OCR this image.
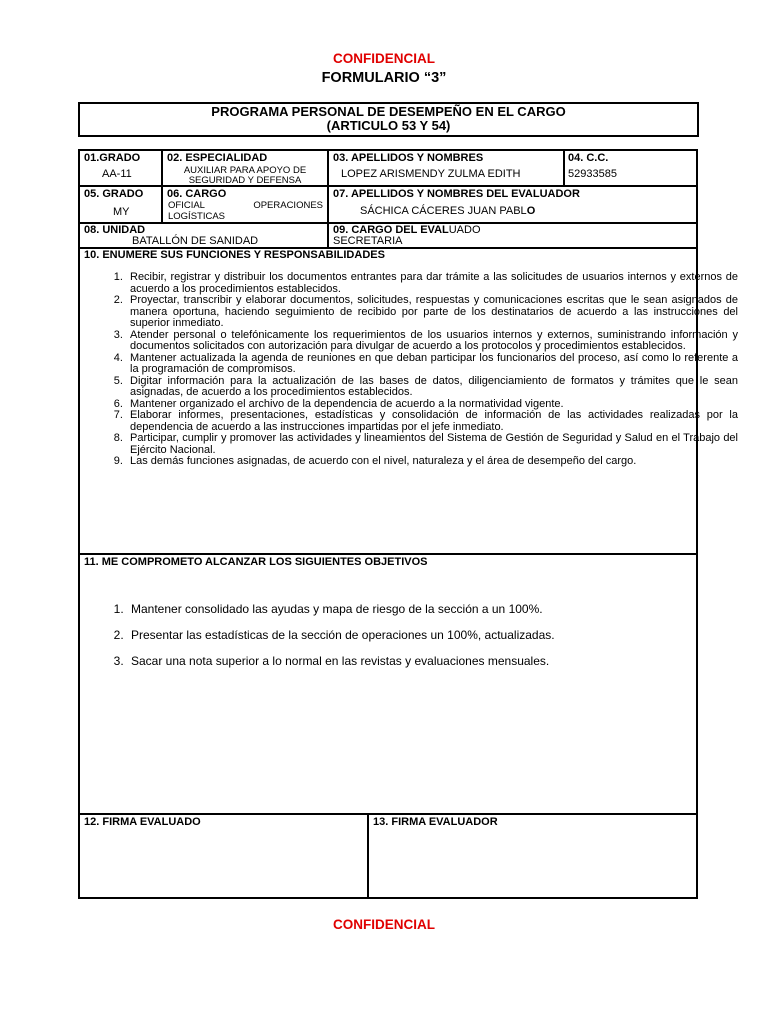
CONFIDENCIAL
FORMULARIO “3”
PROGRAMA PERSONAL DE DESEMPEÑO EN EL CARGO
(ARTICULO 53 Y 54)
01.GRADO
AA-11
02. ESPECIALIDAD
AUXILIAR PARA APOYO DE
SEGURIDAD Y DEFENSA
03. APELLIDOS Y NOMBRES
LOPEZ ARISMENDY ZULMA EDITH
04. C.C.
52933585
05. GRADO
MY
06. CARGO
OFICIAL	OPERACIONES
LOGÍSTICAS
07. APELLIDOS Y NOMBRES DEL EVALUADOR
SÁCHICA CÁCERES JUAN PABLO
08. UNIDAD
BATALLÓN DE SANIDAD
09. CARGO DEL EVALUADO
SECRETARIA
10. ENUMERE SUS FUNCIONES Y RESPONSABILIDADES
1. Recibir, registrar y distribuir los documentos entrantes para dar trámite a las solicitudes de usuarios internos y externos de acuerdo a los procedimientos establecidos.
2. Proyectar, transcribir y elaborar documentos, solicitudes, respuestas y comunicaciones escritas que le sean asignados de manera oportuna, haciendo seguimiento de recibido por parte de los destinatarios de acuerdo a las instrucciones del superior inmediato.
3. Atender personal o telefónicamente los requerimientos de los usuarios internos y externos, suministrando información y documentos solicitados con autorización para divulgar de acuerdo a los protocolos y procedimientos establecidos.
4. Mantener actualizada la agenda de reuniones en que deban participar los funcionarios del proceso, así como lo referente a la programación de compromisos.
5. Digitar información para la actualización de las bases de datos, diligenciamiento de formatos y trámites que le sean asignadas, de acuerdo a los procedimientos establecidos.
6. Mantener organizado el archivo de la dependencia de acuerdo a la normatividad vigente.
7. Elaborar informes, presentaciones, estadísticas y consolidación de información de las actividades realizadas por la dependencia de acuerdo a las instrucciones impartidas por el jefe inmediato.
8. Participar, cumplir y promover las actividades y lineamientos del Sistema de Gestión de Seguridad y Salud en el Trabajo del Ejército Nacional.
9. Las demás funciones asignadas, de acuerdo con el nivel, naturaleza y el área de desempeño del cargo.
11. ME COMPROMETO ALCANZAR LOS SIGUIENTES OBJETIVOS
1. Mantener consolidado las ayudas y mapa de riesgo de la sección a un 100%.
2. Presentar las estadísticas de la sección de operaciones un 100%, actualizadas.
3. Sacar una nota superior a lo normal en las revistas y evaluaciones mensuales.
12. FIRMA EVALUADO	13. FIRMA EVALUADOR
CONFIDENCIAL
